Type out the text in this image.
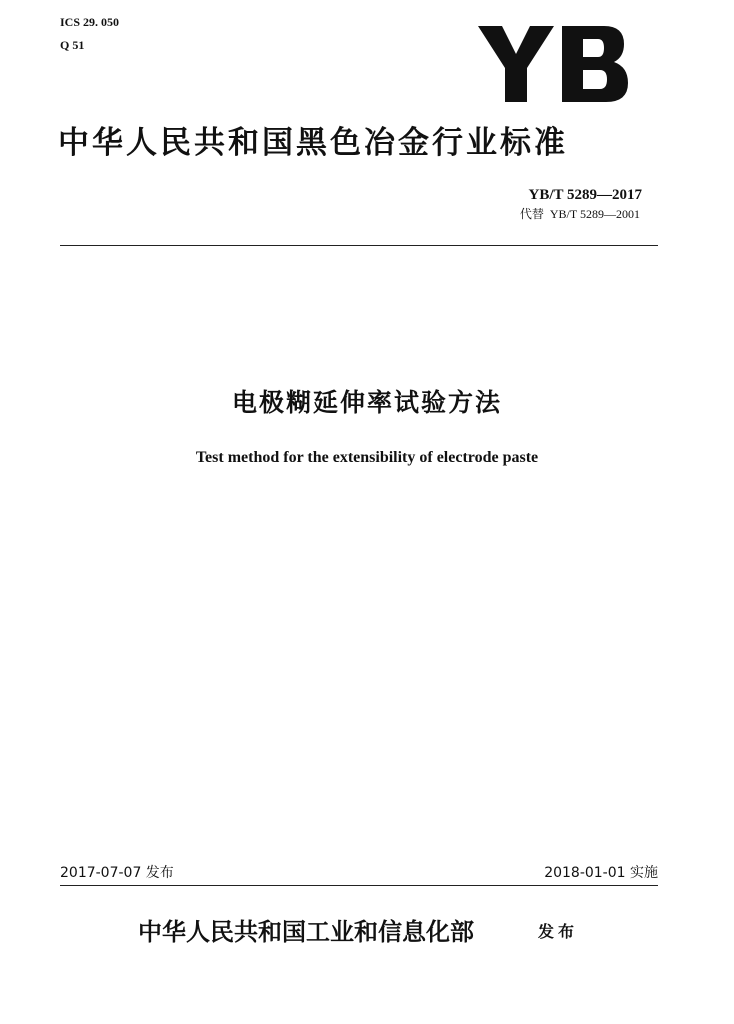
ICS 29. 050
Q 51
中华人民共和国黑色冶金行业标准
YB/T 5289—2017
代替 YB/T 5289—2001
电极糊延伸率试验方法
Test method for the extensibility of electrode paste
2017-07-07 发布	2018-01-01 实施
中华人民共和国工业和信息化部	发布
